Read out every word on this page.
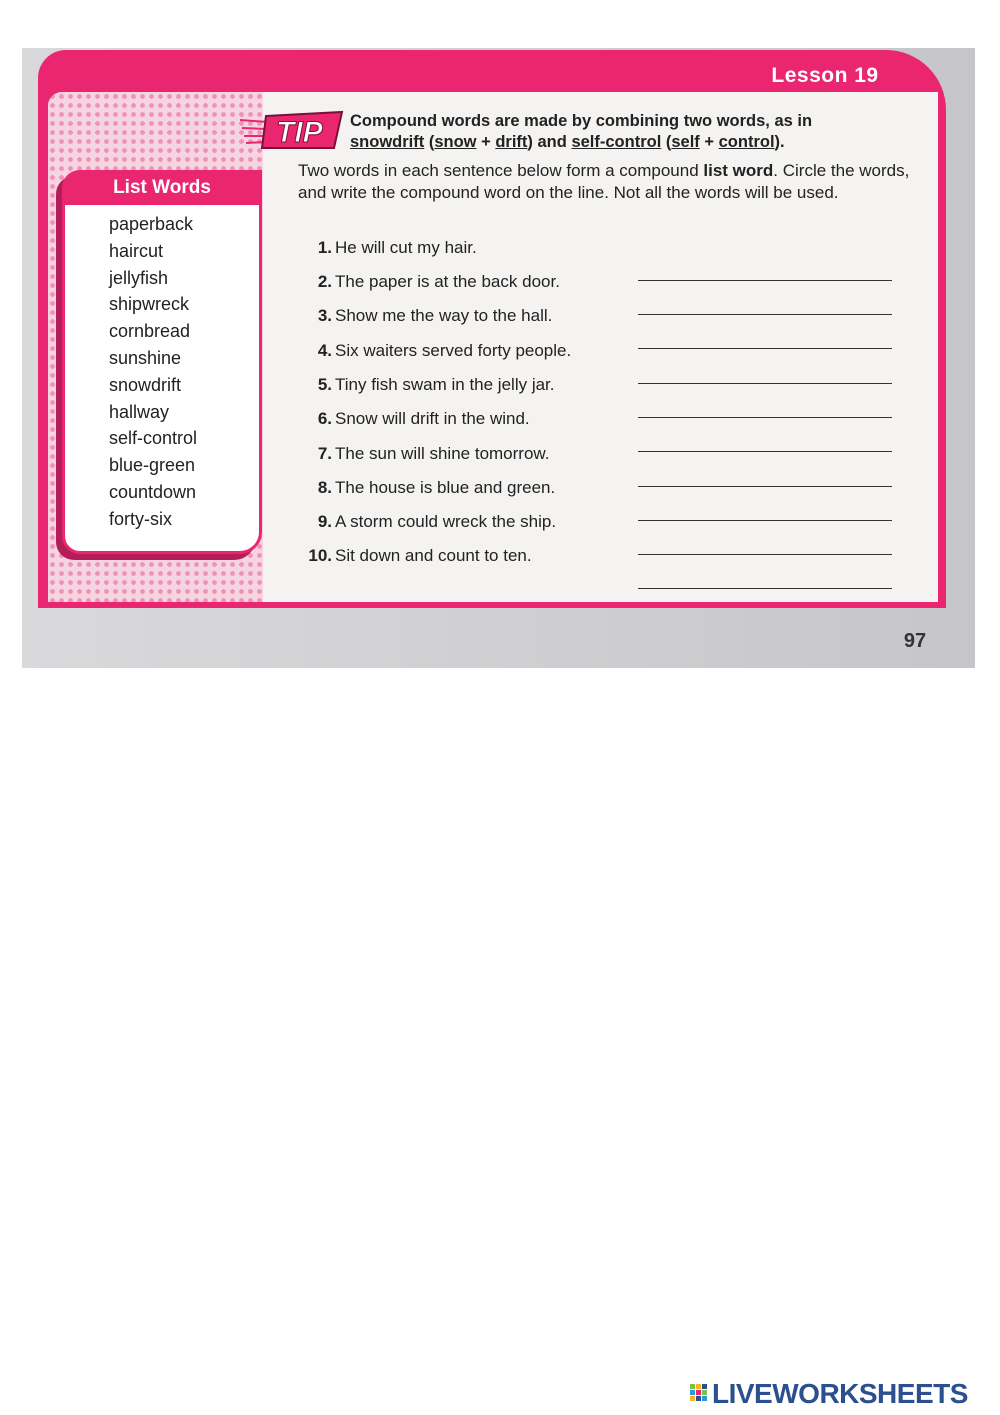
Lesson 19
TIP Compound words are made by combining two words, as in
snowdrift (snow + drift) and self-control (self + control).
List Words
paperback
haircut
jellyfish
shipwreck
cornbread
sunshine
snowdrift
hallway
self-control
blue-green
countdown
forty-six
Two words in each sentence below form a compound list word. Circle the words, and write the compound word on the line. Not all the words will be used.
1. He will cut my hair.
2. The paper is at the back door.
3. Show me the way to the hall.
4. Six waiters served forty people.
5. Tiny fish swam in the jelly jar.
6. Snow will drift in the wind.
7. The sun will shine tomorrow.
8. The house is blue and green.
9. A storm could wreck the ship.
10. Sit down and count to ten.
97
LIVEWORKSHEETS
